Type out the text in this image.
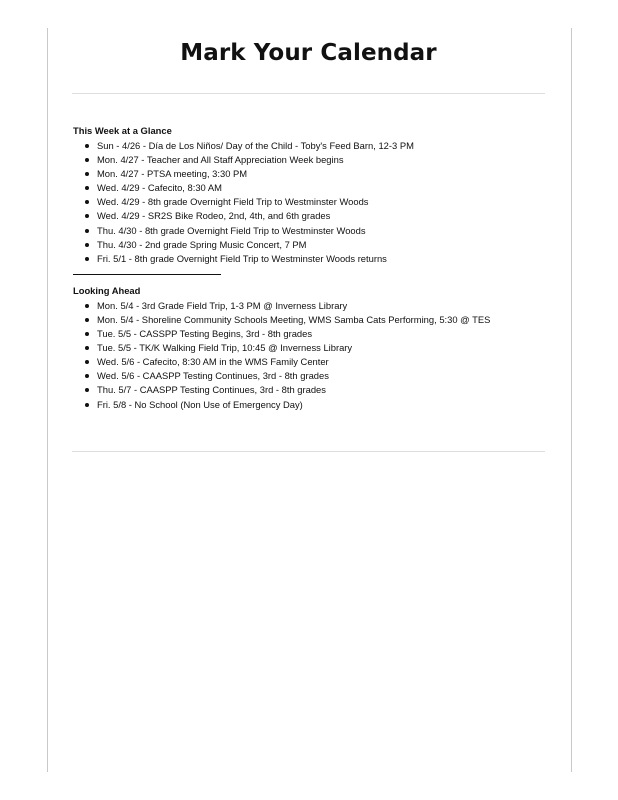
Mark Your Calendar

This Week at a Glance

Sun - 4/26 - Día de Los Niños/ Day of the Child - Toby's Feed Barn, 12-3 PM
Mon. 4/27 - Teacher and All Staff Appreciation Week begins
Mon. 4/27 - PTSA meeting, 3:30 PM
Wed. 4/29 - Cafecito, 8:30 AM
Wed. 4/29 - 8th grade Overnight Field Trip to Westminster Woods
Wed. 4/29 - SR2S Bike Rodeo, 2nd, 4th, and 6th grades
Thu. 4/30 - 8th grade Overnight Field Trip to Westminster Woods
Thu. 4/30 - 2nd grade Spring Music Concert, 7 PM
Fri. 5/1 - 8th grade Overnight Field Trip to Westminster Woods returns

Looking Ahead

Mon. 5/4 - 3rd Grade Field Trip, 1-3 PM @ Inverness Library
Mon. 5/4 - Shoreline Community Schools Meeting, WMS Samba Cats Performing, 5:30 @ TES
Tue. 5/5 - CASSPP Testing Begins, 3rd - 8th grades
Tue. 5/5 - TK/K Walking Field Trip, 10:45 @ Inverness Library
Wed. 5/6 - Cafecito, 8:30 AM in the WMS Family Center
Wed. 5/6 - CAASPP Testing Continues, 3rd - 8th grades
Thu. 5/7 - CAASPP Testing Continues, 3rd - 8th grades
Fri. 5/8 - No School (Non Use of Emergency Day)
